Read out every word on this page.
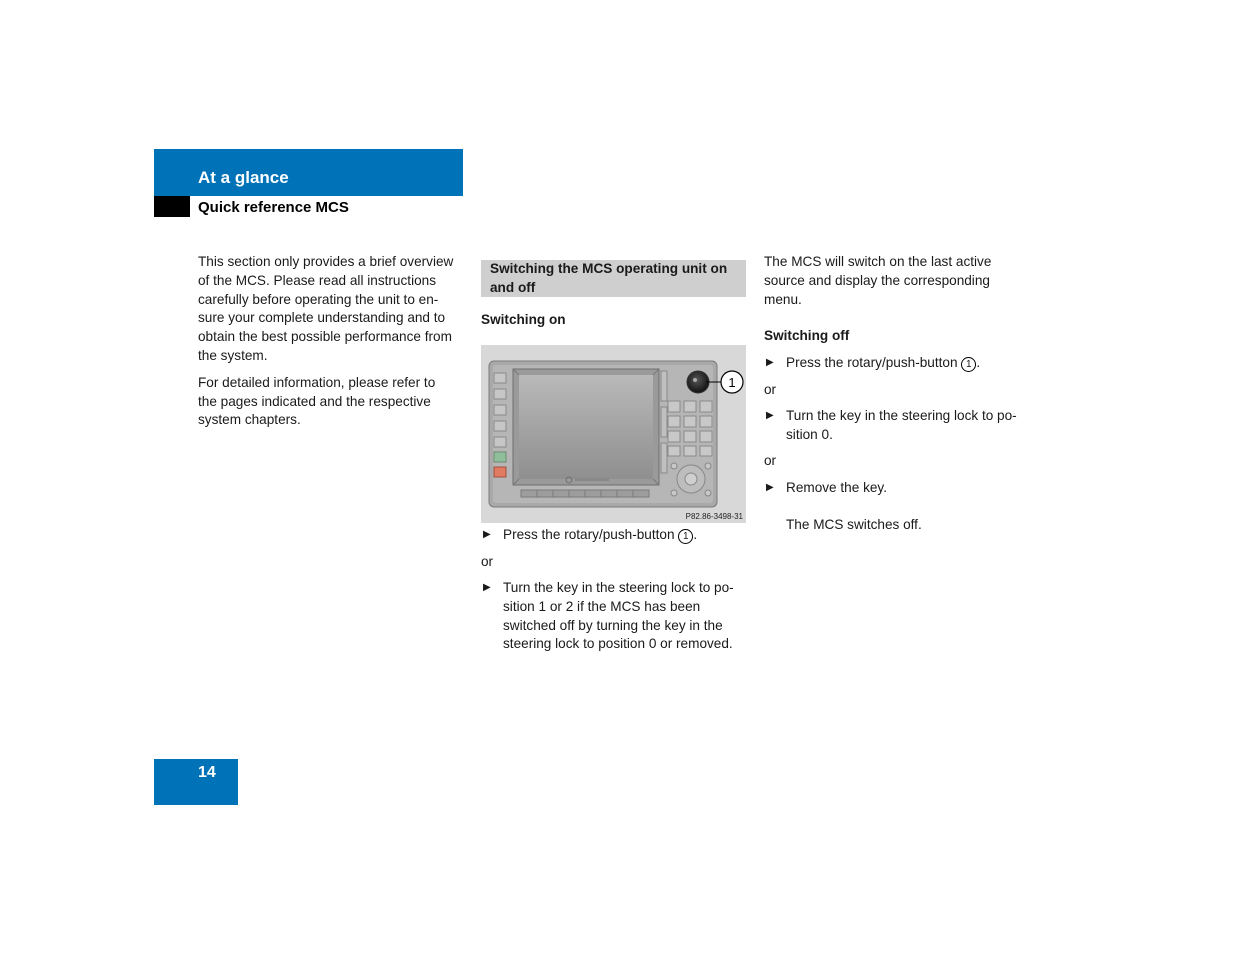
At a glance
Quick reference MCS

This section only provides a brief overview
of the MCS. Please read all instructions
carefully before operating the unit to en-
sure your complete understanding and to
obtain the best possible performance from
the system.

For detailed information, please refer to
the pages indicated and the respective
system chapters.

Switching the MCS operating unit on
and off
Switching on
1
P82.86-3498-31
▶ Press the rotary/push-button 1 .
or
▶ Turn the key in the steering lock to po-
sition 1 or 2 if the MCS has been
switched off by turning the key in the
steering lock to position 0 or removed.
The MCS will switch on the last active
source and display the corresponding
menu.
Switching off
▶ Press the rotary/push-button 1 .
or
▶ Turn the key in the steering lock to po-
sition 0.
or
▶ Remove the key.
The MCS switches off.
14
